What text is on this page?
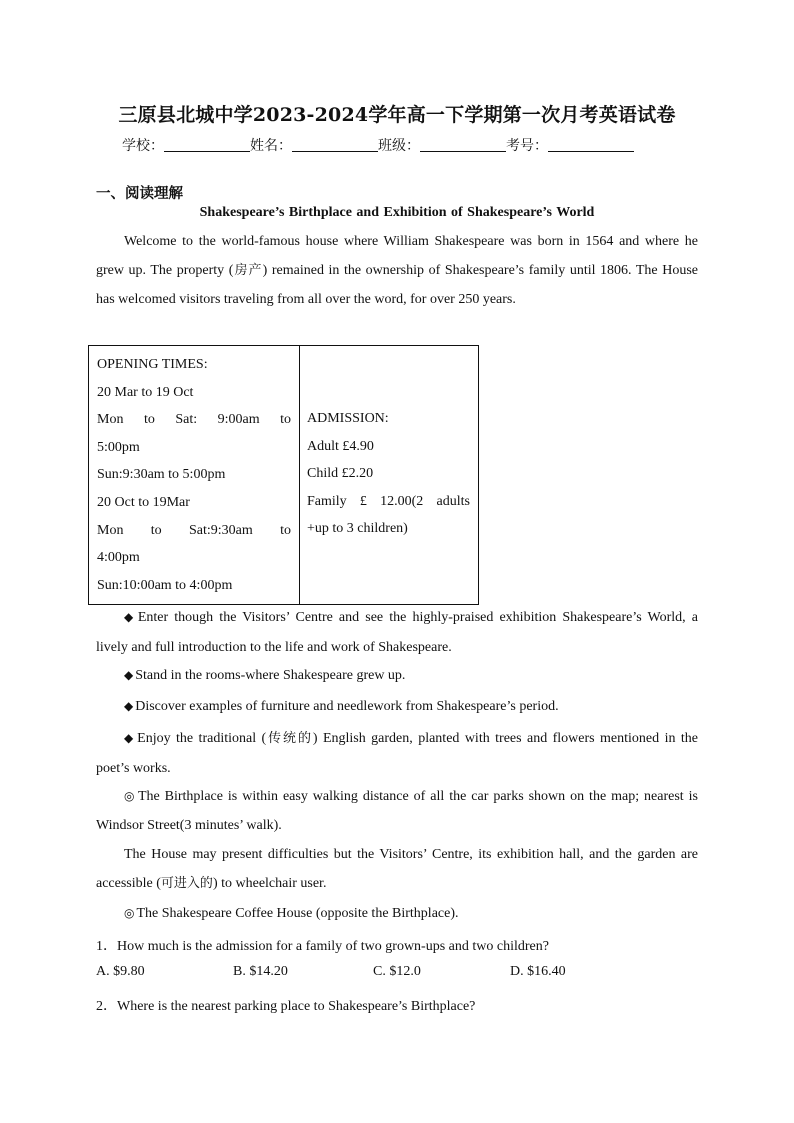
三原县北城中学2023-2024学年高一下学期第一次月考英语试卷
学校：	姓名：	班级：	考号：
一、阅读理解
Shakespeare’s Birthplace and Exhibition of Shakespeare’s World
Welcome to the world-famous house where William Shakespeare was born in 1564 and where he grew up. The property (房产) remained in the ownership of Shakespeare’s family until 1806. The House has welcomed visitors traveling from all over the word, for over 250 years.
OPENING TIMES:
20 Mar to 19 Oct
Mon to Sat: 9:00am to
5:00pm
Sun:9:30am to 5:00pm
20 Oct to 19Mar
Mon to Sat:9:30am to
4:00pm
Sun:10:00am to 4:00pm

ADMISSION:
Adult £4.90
Child £2.20
Family £ 12.00(2 adults
+up to 3 children)
◆ Enter though the Visitors’ Centre and see the highly-praised exhibition Shakespeare’s World, a lively and full introduction to the life and work of Shakespeare.
◆ Stand in the rooms-where Shakespeare grew up.
◆ Discover examples of furniture and needlework from Shakespeare’s period.
◆ Enjoy the traditional (传统的) English garden, planted with trees and flowers mentioned in the poet’s works.
◎ The Birthplace is within easy walking distance of all the car parks shown on the map; nearest is Windsor Street(3 minutes’ walk).
The House may present difficulties but the Visitors’ Centre, its exhibition hall, and the garden are accessible (可进入的) to wheelchair user.
◎ The Shakespeare Coffee House (opposite the Birthplace).
1．How much is the admission for a family of two grown-ups and two children?
A. $9.80	B. $14.20	C. $12.0	D. $16.40
2．Where is the nearest parking place to Shakespeare’s Birthplace?
